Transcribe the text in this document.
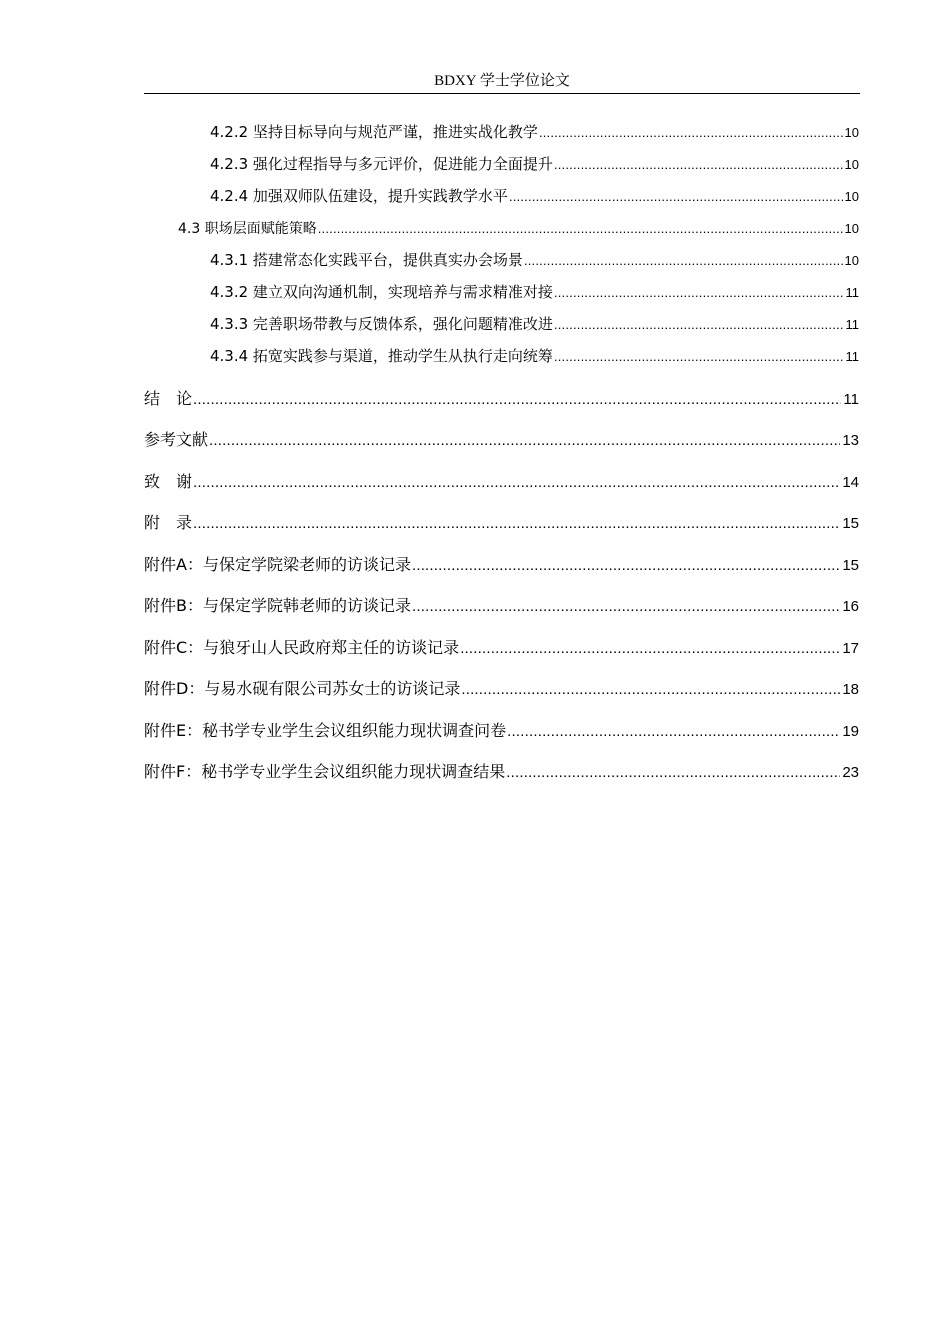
BDXY 学士学位论文
4.2.2 坚持目标导向与规范严谨，推进实战化教学 .....	10
4.2.3 强化过程指导与多元评价，促进能力全面提升 .....	10
4.2.4 加强双师队伍建设，提升实践教学水平 .....	10
4.3 职场层面赋能策略 .....	10
4.3.1 搭建常态化实践平台，提供真实办会场景 .....	10
4.3.2 建立双向沟通机制，实现培养与需求精准对接 .....	11
4.3.3 完善职场带教与反馈体系，强化问题精准改进 .....	11
4.3.4 拓宽实践参与渠道，推动学生从执行走向统筹 .....	11
结　论 .....	11
参考文献 .....	13
致　谢 .....	14
附　录 .....	15
附件A：与保定学院梁老师的访谈记录 .....	15
附件B：与保定学院韩老师的访谈记录 .....	16
附件C：与狼牙山人民政府郑主任的访谈记录 .....	17
附件D：与易水砚有限公司苏女士的访谈记录 .....	18
附件E：秘书学专业学生会议组织能力现状调查问卷 .....	19
附件F：秘书学专业学生会议组织能力现状调查结果 .....	23
